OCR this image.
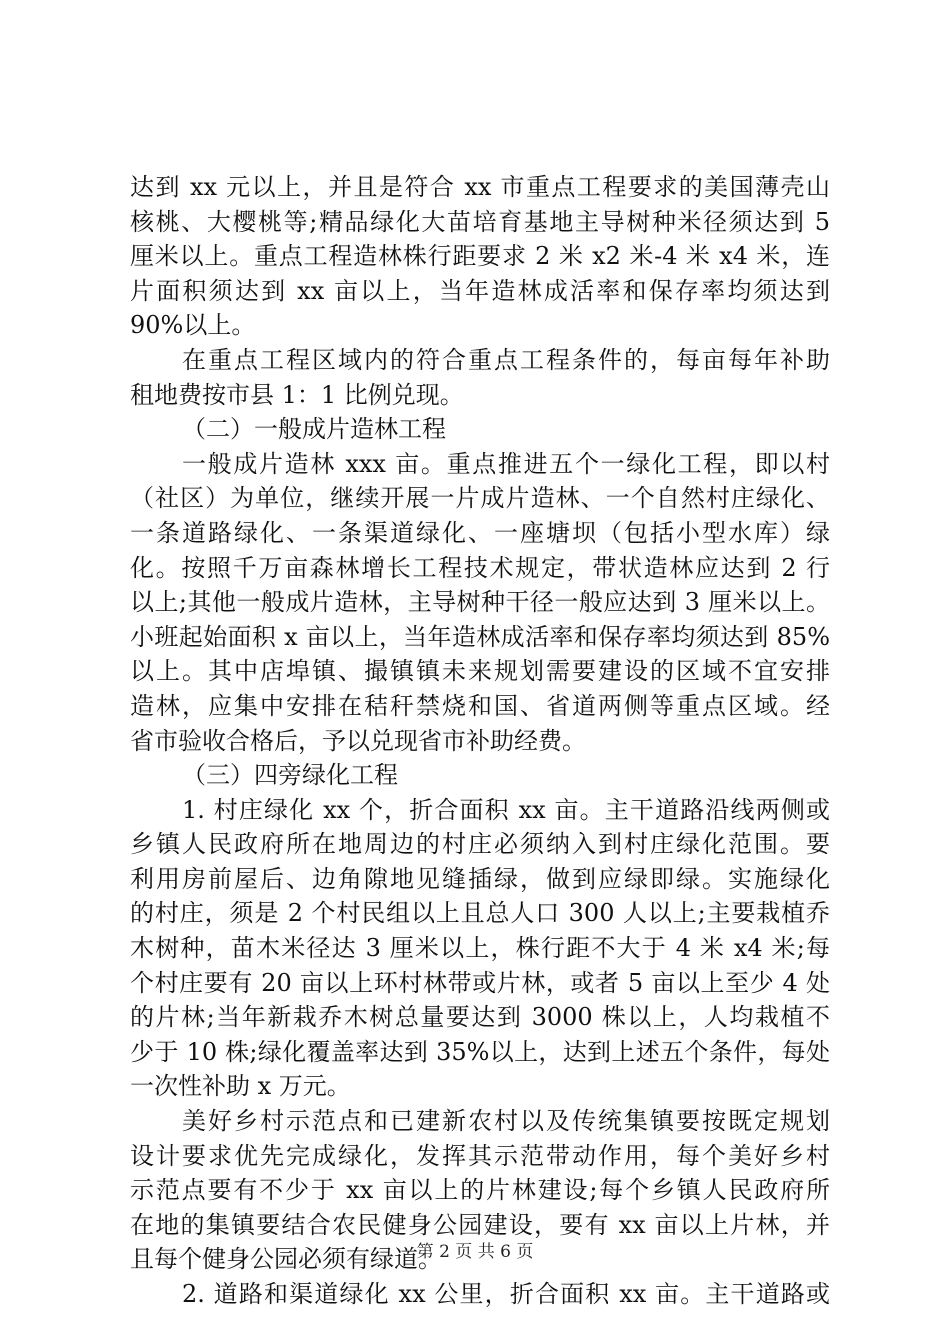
达到 xx 元以上，并且是符合 xx 市重点工程要求的美国薄壳山
核桃、大樱桃等;精品绿化大苗培育基地主导树种米径须达到 5
厘米以上。重点工程造林株行距要求 2 米 x2 米-4 米 x4 米，连
片面积须达到 xx 亩以上，当年造林成活率和保存率均须达到
90%以上。
在重点工程区域内的符合重点工程条件的，每亩每年补助
租地费按市县 1：1 比例兑现。
（二）一般成片造林工程
一般成片造林 xxx 亩。重点推进五个一绿化工程，即以村
（社区）为单位，继续开展一片成片造林、一个自然村庄绿化、
一条道路绿化、一条渠道绿化、一座塘坝（包括小型水库）绿
化。按照千万亩森林增长工程技术规定，带状造林应达到 2 行
以上;其他一般成片造林，主导树种干径一般应达到 3 厘米以上。
小班起始面积 x 亩以上，当年造林成活率和保存率均须达到 85%
以上。其中店埠镇、撮镇镇未来规划需要建设的区域不宜安排
造林，应集中安排在秸秆禁烧和国、省道两侧等重点区域。经
省市验收合格后，予以兑现省市补助经费。
（三）四旁绿化工程
1. 村庄绿化 xx 个，折合面积 xx 亩。主干道路沿线两侧或
乡镇人民政府所在地周边的村庄必须纳入到村庄绿化范围。要
利用房前屋后、边角隙地见缝插绿，做到应绿即绿。实施绿化
的村庄，须是 2 个村民组以上且总人口 300 人以上;主要栽植乔
木树种，苗木米径达 3 厘米以上，株行距不大于 4 米 x4 米;每
个村庄要有 20 亩以上环村林带或片林，或者 5 亩以上至少 4 处
的片林;当年新栽乔木树总量要达到 3000 株以上，人均栽植不
少于 10 株;绿化覆盖率达到 35%以上，达到上述五个条件，每处
一次性补助 x 万元。
美好乡村示范点和已建新农村以及传统集镇要按既定规划
设计要求优先完成绿化，发挥其示范带动作用，每个美好乡村
示范点要有不少于 xx 亩以上的片林建设;每个乡镇人民政府所
在地的集镇要结合农民健身公园建设，要有 xx 亩以上片林，并
且每个健身公园必须有绿道。
2. 道路和渠道绿化 xx 公里，折合面积 xx 亩。主干道路或
第 2 页 共 6 页
